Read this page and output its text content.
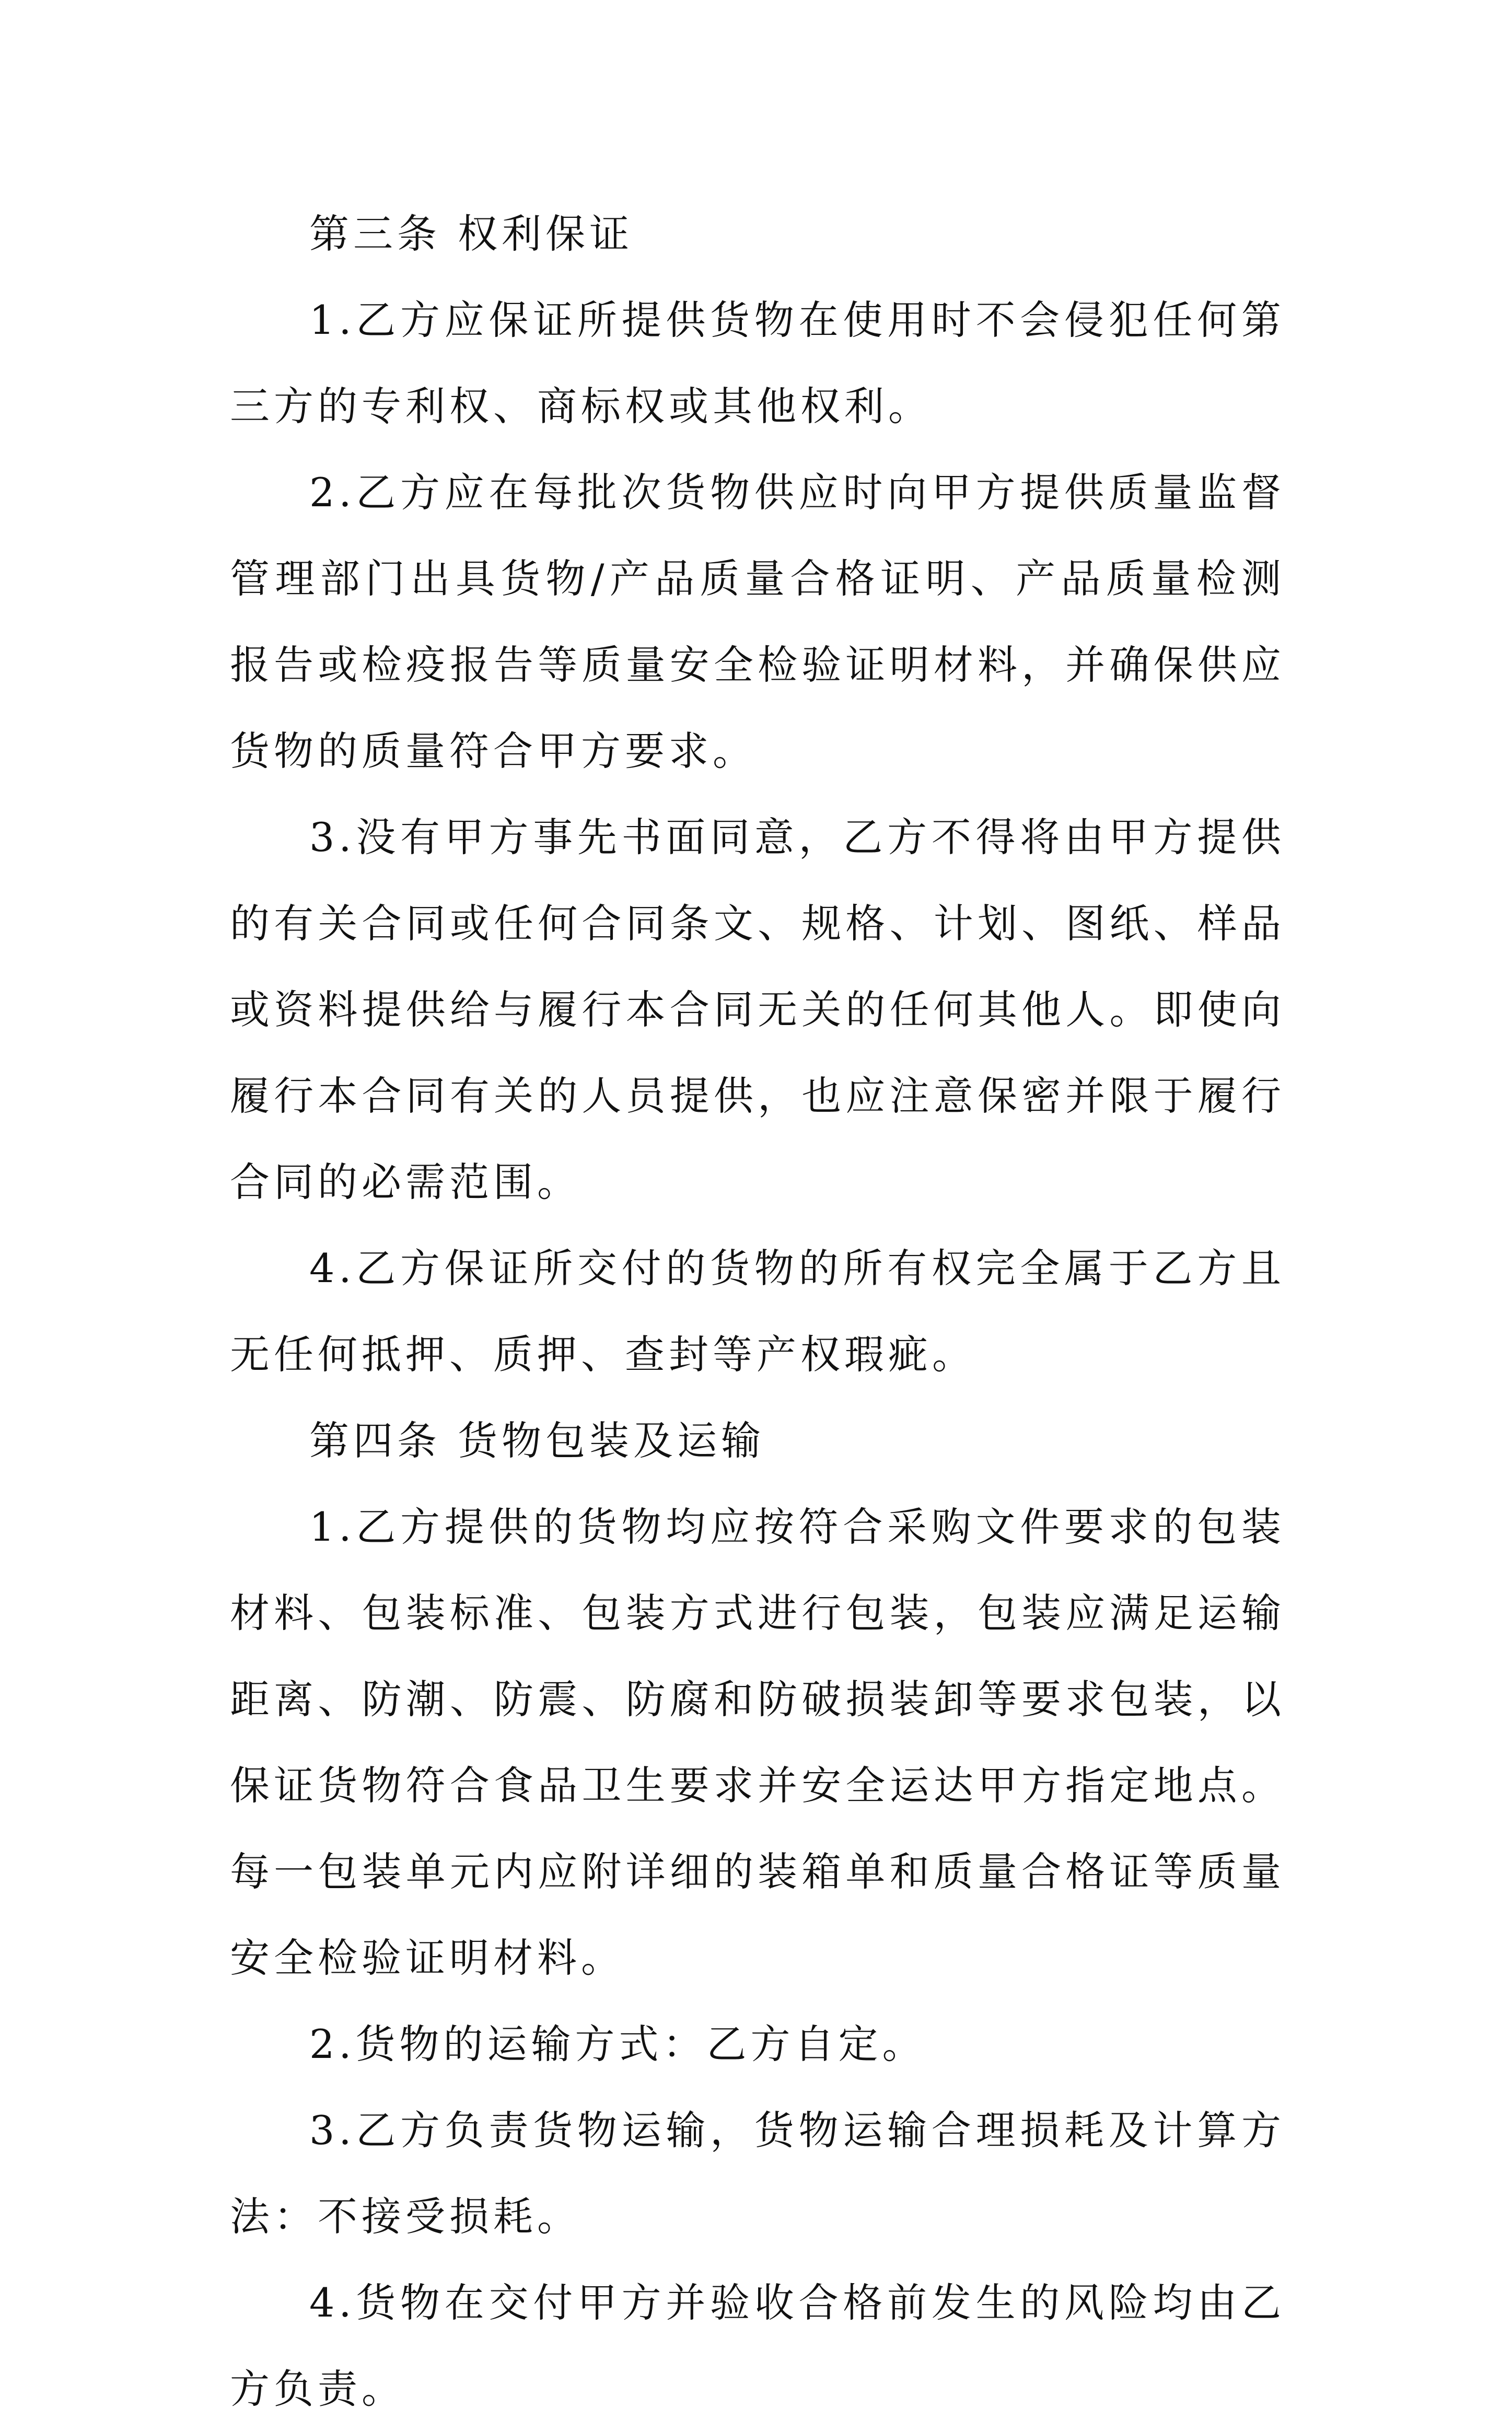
第三条 权利保证

1.乙方应保证所提供货物在使用时不会侵犯任何第三方的专利权、商标权或其他权利。

2.乙方应在每批次货物供应时向甲方提供质量监督管理部门出具货物/产品质量合格证明、产品质量检测报告或检疫报告等质量安全检验证明材料，并确保供应货物的质量符合甲方要求。

3.没有甲方事先书面同意，乙方不得将由甲方提供的有关合同或任何合同条文、规格、计划、图纸、样品或资料提供给与履行本合同无关的任何其他人。即使向履行本合同有关的人员提供，也应注意保密并限于履行合同的必需范围。

4.乙方保证所交付的货物的所有权完全属于乙方且无任何抵押、质押、查封等产权瑕疵。

第四条 货物包装及运输

1.乙方提供的货物均应按符合采购文件要求的包装材料、包装标准、包装方式进行包装，包装应满足运输距离、防潮、防震、防腐和防破损装卸等要求包装，以保证货物符合食品卫生要求并安全运达甲方指定地点。每一包装单元内应附详细的装箱单和质量合格证等质量安全检验证明材料。

2.货物的运输方式：乙方自定。

3.乙方负责货物运输，货物运输合理损耗及计算方法：不接受损耗。

4.货物在交付甲方并验收合格前发生的风险均由乙方负责。
